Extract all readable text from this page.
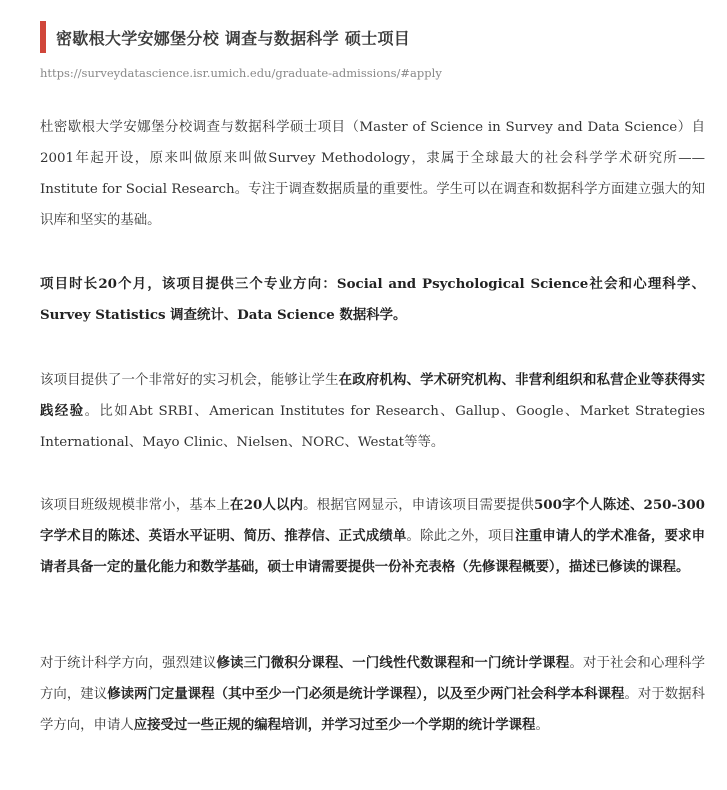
密歇根大学安娜堡分校 调查与数据科学 硕士项目
https://surveydatascience.isr.umich.edu/graduate-admissions/#apply
杜密歇根大学安娜堡分校调查与数据科学硕士项目（Master of Science in Survey and Data Science）自2001年起开设，原来叫做原来叫做Survey Methodology，隶属于全球最大的社会科学学术研究所——Institute for Social Research。专注于调查数据质量的重要性。学生可以在调查和数据科学方面建立强大的知识库和坚实的基础。
项目时长20个月，该项目提供三个专业方向：Social and Psychological Science社会和心理科学、Survey Statistics 调查统计、Data Science 数据科学。
该项目提供了一个非常好的实习机会，能够让学生在政府机构、学术研究机构、非营利组织和私营企业等获得实践经验。比如Abt SRBI、American Institutes for Research、Gallup、Google、Market Strategies International、Mayo Clinic、Nielsen、NORC、Westat等等。
该项目班级规模非常小，基本上在20人以内。根据官网显示，申请该项目需要提供500字个人陈述、250-300字学术目的陈述、英语水平证明、简历、推荐信、正式成绩单。除此之外，项目注重申请人的学术准备，要求申请者具备一定的量化能力和数学基础，硕士申请需要提供一份补充表格（先修课程概要），描述已修读的课程。
对于统计科学方向，强烈建议修读三门微积分课程、一门线性代数课程和一门统计学课程。对于社会和心理科学方向，建议修读两门定量课程（其中至少一门必须是统计学课程），以及至少两门社会科学本科课程。对于数据科学方向，申请人应接受过一些正规的编程培训，并学习过至少一个学期的统计学课程。
